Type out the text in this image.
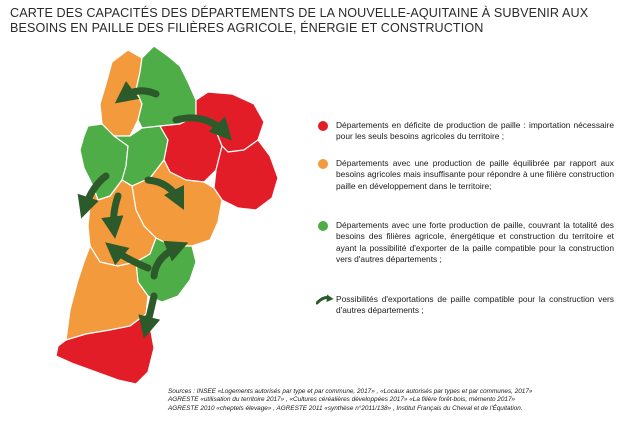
CARTE DES CAPACITÉS DES DÉPARTEMENTS DE LA NOUVELLE-AQUITAINE À SUBVENIR AUX BESOINS EN PAILLE DES FILIÈRES AGRICOLE, ÉNERGIE ET CONSTRUCTION
Départements en déficite de production de paille : importation nécessaire pour les seuls besoins agricoles du territoire ;
Départements avec une production de paille équilibrée par rapport aux besoins agricoles mais insuffisante pour répondre à une filière construction paille en développement dans le territoire;
Départements avec une forte production de paille, couvrant la totalité des besoins des filières agricole, énergétique et construction du territoire et ayant la possibilité d'exporter de la paille compatible pour la construction vers d'autres départements ;
Possibilités d'exportations de paille compatible pour la construction vers d'autres départements ;
Sources : INSEE «Logements autorisés par type et par commune, 2017» , «Locaux autorisés par types et par communes, 2017»
AGRESTE «utilisation du territoire 2017» , «Cultures céréalières développées 2017» «La filière forêt-bois, mémento 2017»
AGRESTE 2010 «cheptels élevage» , AGRESTE 2011 «synthèse n°2011/138» , Institut Français du Cheval et de l'Équitation.
